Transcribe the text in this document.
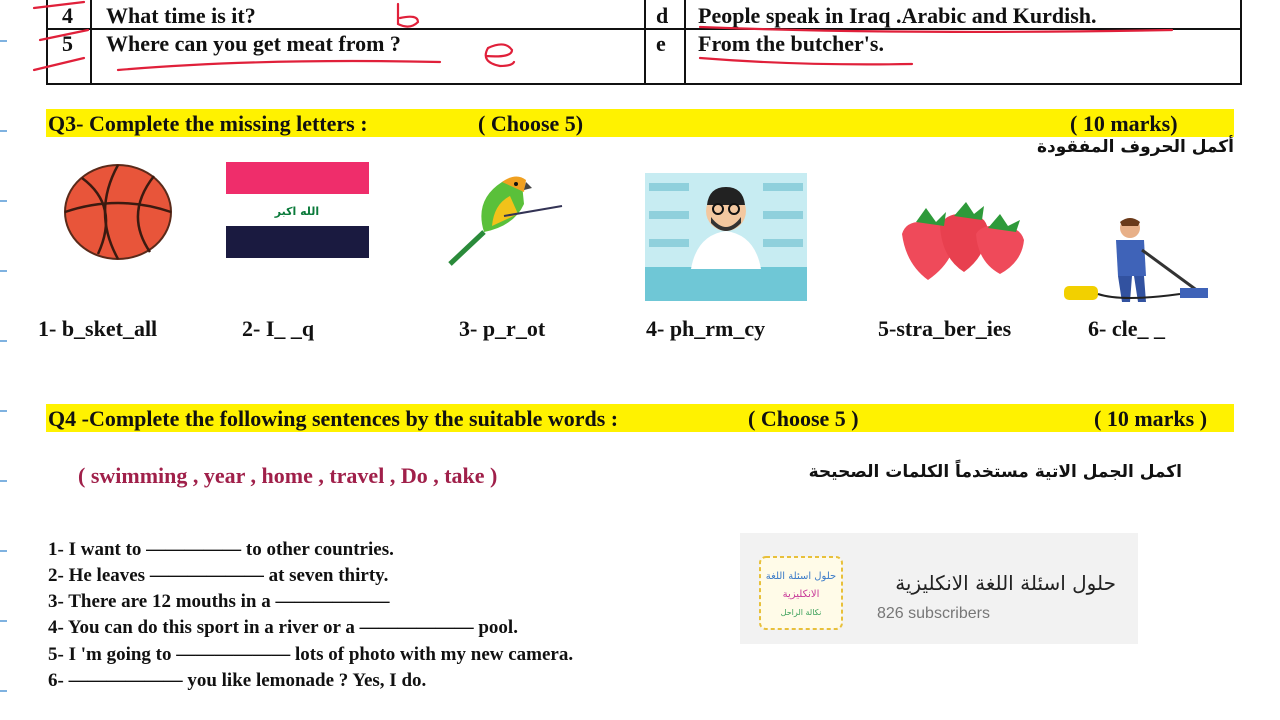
4 What time is it?	d People speak in Iraq .Arabic and Kurdish.
5 Where can you get meat from ?	e From the butcher's.
Q3- Complete the missing letters :	( Choose 5)	( 10 marks)
أكمل الحروف المفقودة
الله اكبر
1- b_sket_all	2- I_ _q	3- p_r_ot	4- ph_rm_cy	5-stra_ber_ies	6- cle_ _
Q4 -Complete the following sentences by the suitable words :	( Choose 5 )	( 10 marks )
( swimming , year , home , travel , Do , take )	اكمل الجمل الاتية مستخدماً الكلمات الصحيحة
1- I want to ————— to other countries.
2- He leaves —————— at seven thirty.
3- There are 12 mouths in a ——————
4- You can do this sport in a river or a —————— pool.
5- I 'm going to —————— lots of photo with my new camera.
6- —————— you like lemonade ? Yes, I do.
حلول اسئلة اللغة
الانكليزية
نكالة الراحل
حلول اسئلة اللغة الانكليزية
826 subscribers
